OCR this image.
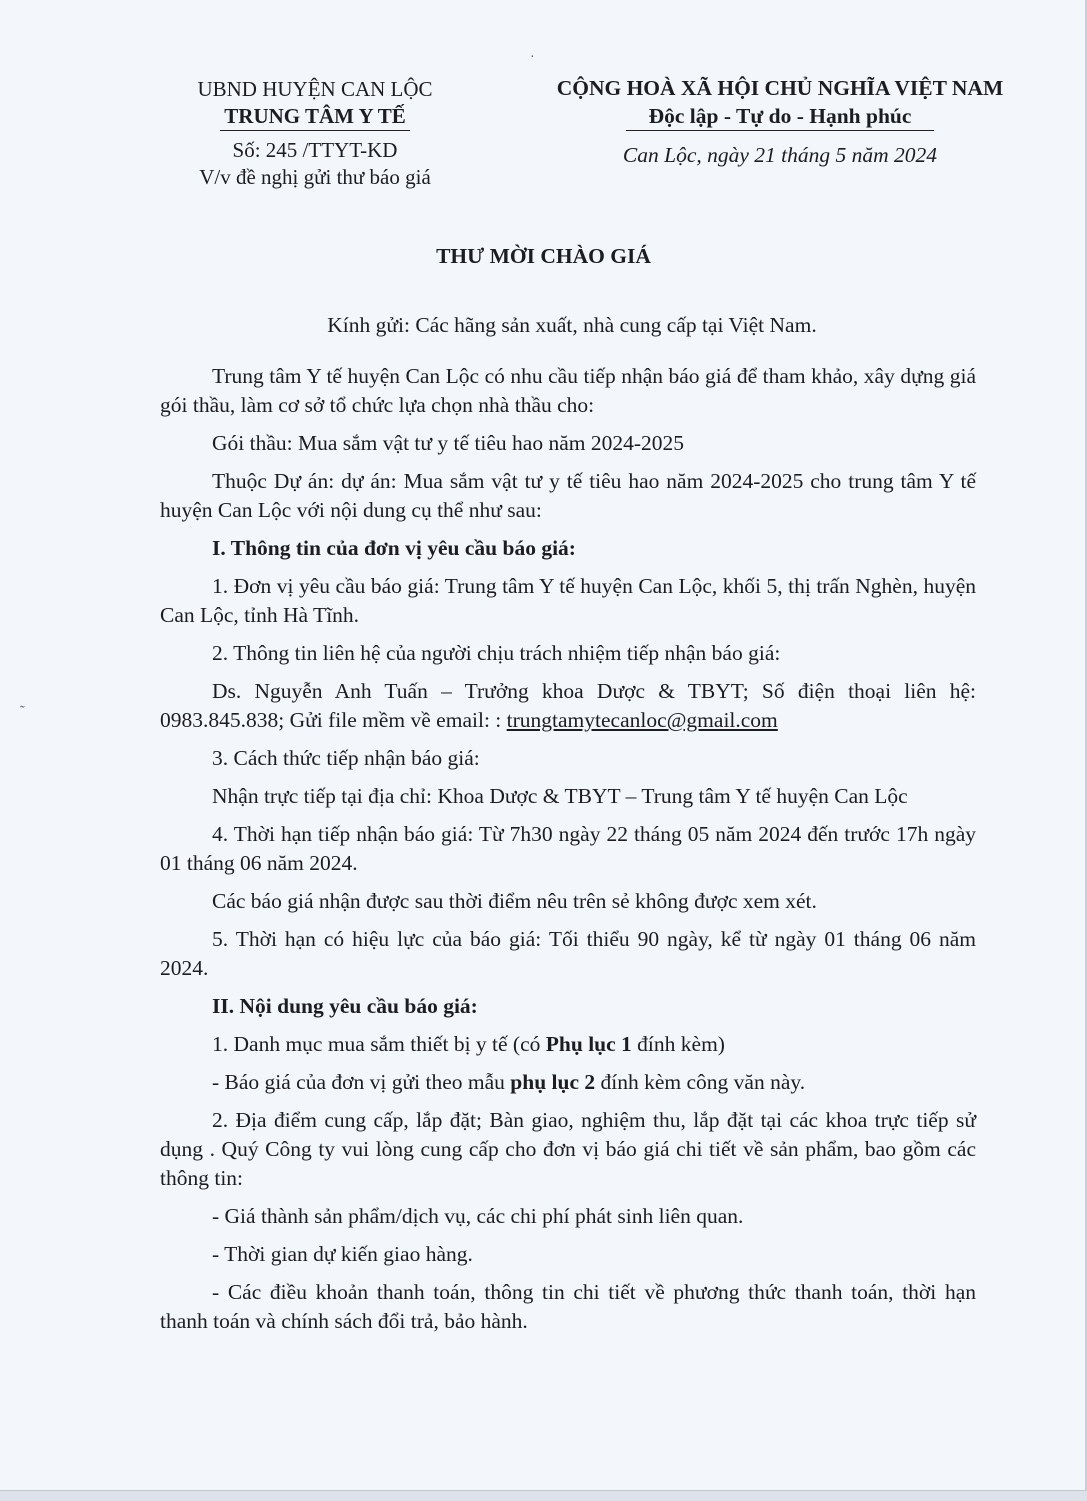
UBND HUYỆN CAN LỘC
TRUNG TÂM Y TẾ
Số: 245 /TTYT-KD
V/v đề nghị gửi thư báo giá
CỘNG HOÀ XÃ HỘI CHỦ NGHĨA VIỆT NAM
Độc lập - Tự do - Hạnh phúc
Can Lộc, ngày 21 tháng 5 năm 2024
THƯ MỜI CHÀO GIÁ
Kính gửi: Các hãng sản xuất, nhà cung cấp tại Việt Nam.

Trung tâm Y tế huyện Can Lộc có nhu cầu tiếp nhận báo giá để tham khảo, xây dựng giá gói thầu, làm cơ sở tổ chức lựa chọn nhà thầu cho:

Gói thầu: Mua sắm vật tư y tế tiêu hao năm 2024-2025

Thuộc Dự án: dự án: Mua sắm vật tư y tế tiêu hao năm 2024-2025 cho trung tâm Y tế huyện Can Lộc với nội dung cụ thể như sau:

I. Thông tin của đơn vị yêu cầu báo giá:

1. Đơn vị yêu cầu báo giá: Trung tâm Y tế huyện Can Lộc, khối 5, thị trấn Nghèn, huyện Can Lộc, tỉnh Hà Tĩnh.

2. Thông tin liên hệ của người chịu trách nhiệm tiếp nhận báo giá:

Ds. Nguyễn Anh Tuấn – Trưởng khoa Dược & TBYT; Số điện thoại liên hệ: 0983.845.838; Gửi file mềm về email: : trungtamytecanloc@gmail.com

3. Cách thức tiếp nhận báo giá:

Nhận trực tiếp tại địa chỉ: Khoa Dược & TBYT – Trung tâm Y tế huyện Can Lộc

4. Thời hạn tiếp nhận báo giá: Từ 7h30 ngày 22 tháng 05 năm 2024 đến trước 17h ngày 01 tháng 06 năm 2024.

Các báo giá nhận được sau thời điểm nêu trên sẻ không được xem xét.

5. Thời hạn có hiệu lực của báo giá: Tối thiểu 90 ngày, kể từ ngày 01 tháng 06 năm 2024.

II. Nội dung yêu cầu báo giá:

1. Danh mục mua sắm thiết bị y tế (có Phụ lục 1 đính kèm)

- Báo giá của đơn vị gửi theo mẫu phụ lục 2 đính kèm công văn này.

2. Địa điểm cung cấp, lắp đặt; Bàn giao, nghiệm thu, lắp đặt tại các khoa trực tiếp sử dụng . Quý Công ty vui lòng cung cấp cho đơn vị báo giá chi tiết về sản phẩm, bao gồm các thông tin:

- Giá thành sản phẩm/dịch vụ, các chi phí phát sinh liên quan.

- Thời gian dự kiến giao hàng.

- Các điều khoản thanh toán, thông tin chi tiết về phương thức thanh toán, thời hạn thanh toán và chính sách đổi trả, bảo hành.

·
˜
